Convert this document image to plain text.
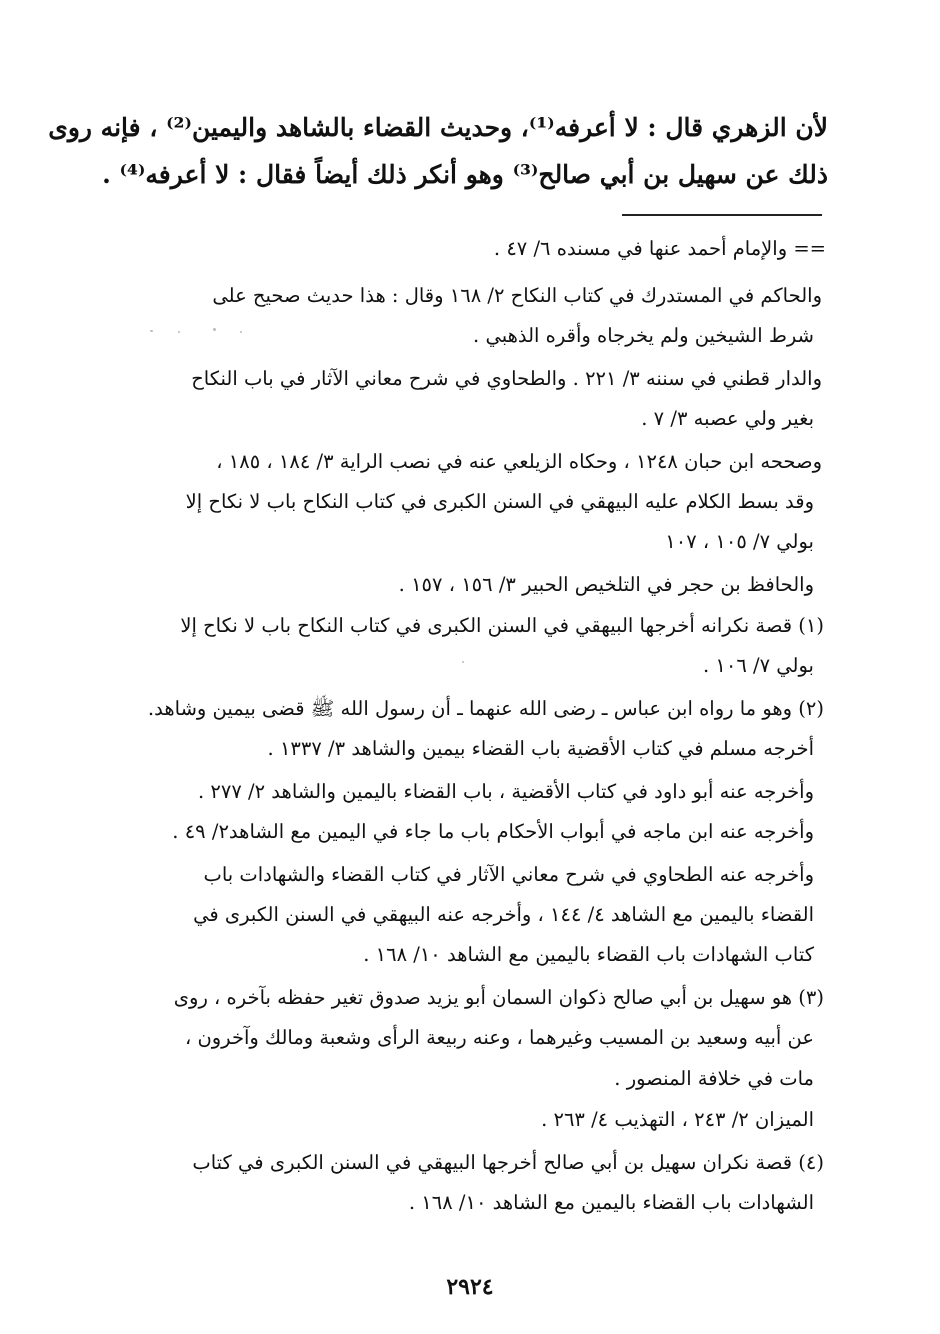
لأن الزهري قال : لا أعرفه⁽¹⁾، وحديث القضاء بالشاهد واليمين⁽²⁾ ، فإنه روى
ذلك عن سهيل بن أبي صالح⁽³⁾ وهو أنكر ذلك أيضاً فقال : لا أعرفه⁽⁴⁾ .
== والإمام أحمد عنها في مسنده ٦/ ٤٧ .
والحاكم في المستدرك في كتاب النكاح ٢/ ١٦٨ وقال : هذا حديث صحيح على
شرط الشيخين ولم يخرجاه وأقره الذهبي .
والدار قطني في سننه ٣/ ٢٢١ . والطحاوي في شرح معاني الآثار في باب النكاح
بغير ولي عصبه ٣/ ٧ .
وصححه ابن حبان ١٢٤٨ ، وحكاه الزيلعي عنه في نصب الراية ٣/ ١٨٤ ، ١٨٥ ،
وقد بسط الكلام عليه البيهقي في السنن الكبرى في كتاب النكاح باب لا نكاح إلا
بولي ٧/ ١٠٥ ، ١٠٧
والحافظ بن حجر في التلخيص الحبير ٣/ ١٥٦ ، ١٥٧ .
(١) قصة نكرانه أخرجها البيهقي في السنن الكبرى في كتاب النكاح باب لا نكاح إلا
بولي ٧/ ١٠٦ .
(٢) وهو ما رواه ابن عباس ـ رضى الله عنهما ـ أن رسول الله ﷺ قضى بيمين وشاهد.
أخرجه مسلم في كتاب الأقضية باب القضاء بيمين والشاهد ٣/ ١٣٣٧ .
وأخرجه عنه أبو داود في كتاب الأقضية ، باب القضاء باليمين والشاهد ٢/ ٢٧٧ .
وأخرجه عنه ابن ماجه في أبواب الأحكام باب ما جاء في اليمين مع الشاهد٢/ ٤٩ .
وأخرجه عنه الطحاوي في شرح معاني الآثار في كتاب القضاء والشهادات باب
القضاء باليمين مع الشاهد ٤/ ١٤٤ ، وأخرجه عنه البيهقي في السنن الكبرى في
كتاب الشهادات باب القضاء باليمين مع الشاهد ١٠/ ١٦٨ .
(٣) هو سهيل بن أبي صالح ذكوان السمان أبو يزيد صدوق تغير حفظه بآخره ، روى
عن أبيه وسعيد بن المسيب وغيرهما ، وعنه ربيعة الرأى وشعبة ومالك وآخرون ،
مات في خلافة المنصور .
الميزان ٢/ ٢٤٣ ، التهذيب ٤/ ٢٦٣ .
(٤) قصة نكران سهيل بن أبي صالح أخرجها البيهقي في السنن الكبرى في كتاب
الشهادات باب القضاء باليمين مع الشاهد ١٠/ ١٦٨ .
٢٩٢٤
